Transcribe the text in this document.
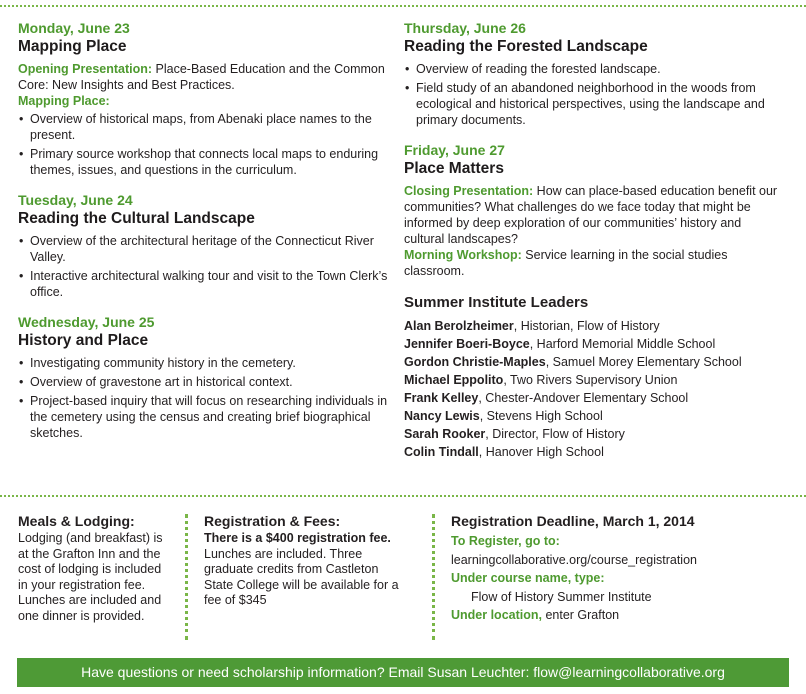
Monday, June 23
Mapping Place

Opening Presentation: Place-Based Education and the Common Core: New Insights and Best Practices.

Mapping Place:

• Overview of historical maps, from Abenaki place names to the present.
• Primary source workshop that connects local maps to enduring themes, issues, and questions in the curriculum.
Tuesday, June 24
Reading the Cultural Landscape
• Overview of the architectural heritage of the Connecticut River Valley.
• Interactive architectural walking tour and visit to the Town Clerk’s office.
Wednesday, June 25
History and Place
• Investigating community history in the cemetery.
• Overview of gravestone art in historical context.
• Project-based inquiry that will focus on researching individuals in the cemetery using the census and creating brief biographical sketches.
Thursday, June 26
Reading the Forested Landscape
• Overview of reading the forested landscape.
• Field study of an abandoned neighborhood in the woods from ecological and historical perspectives, using the landscape and primary documents.
Friday, June 27
Place Matters

Closing Presentation: How can place-based education benefit our communities? What challenges do we face today that might be informed by deep exploration of our communities’ history and cultural landscapes?

Morning Workshop: Service learning in the social studies classroom.

Summer Institute Leaders
Alan Berolzheimer, Historian, Flow of History
Jennifer Boeri-Boyce, Harford Memorial Middle School
Gordon Christie-Maples, Samuel Morey Elementary School
Michael Eppolito, Two Rivers Supervisory Union
Frank Kelley, Chester-Andover Elementary School
Nancy Lewis, Stevens High School
Sarah Rooker, Director, Flow of History
Colin Tindall, Hanover High School
Meals & Lodging:

Lodging (and breakfast) is at the Grafton Inn and the cost of lodging is included in your registration fee. Lunches are included and one dinner is provided.

Registration & Fees:

There is a $400 registration fee. Lunches are included. Three graduate credits from Castleton State College will be available for a fee of $345

Registration Deadline, March 1, 2014

To Register, go to:

learningcollaborative.org/course_registration

Under course name, type:

Flow of History Summer Institute

Under location, enter Grafton

Have questions or need scholarship information? Email Susan Leuchter: flow@learningcollaborative.org
